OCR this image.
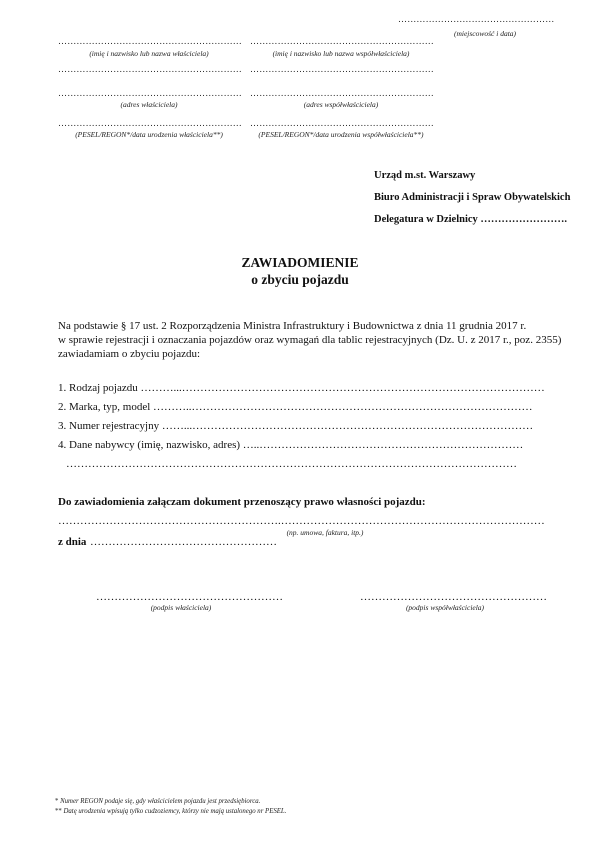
……………………………………………
(miejscowość i data)
……………………………………………………
(imię i nazwisko lub nazwa właściciela)
……………………………………………………
……………………………………………………
(adres właściciela)
……………………………………………………
(PESEL/REGON*/data urodzenia właściciela**)
……………………………………………………
(imię i nazwisko lub nazwa współwłaściciela)
……………………………………………………
……………………………………………………
(adres współwłaściciela)
……………………………………………………
(PESEL/REGON*/data urodzenia współwłaściciela**)
Urząd m.st. Warszawy
Biuro Administracji i Spraw Obywatelskich
Delegatura w Dzielnicy …………………….
ZAWIADOMIENIE
o zbyciu pojazdu
Na podstawie § 17 ust. 2 Rozporządzenia Ministra Infrastruktury i Budownictwa z dnia 11 grudnia 2017 r.
w sprawie rejestracji i oznaczania pojazdów oraz wymagań dla tablic rejestracyjnych (Dz. U. z 2017 r., poz. 2355)
zawiadamiam o zbyciu pojazdu:
1. Rodzaj pojazdu ………...………………………………………………………………………………………
2. Marka, typ, model ………..…………………………………………………………………………………
3. Numer rejestracyjny ……...…………………………………………………………………………………
4. Dane nabywcy (imię, nazwisko, adres) …..………………………………………………………………
……………………………………………………………………………………………………………
Do zawiadomienia załączam dokument przenoszący prawo własności pojazdu:
…………………………………………………….………………………………………………………………
(np. umowa, faktura, itp.)
z dnia ……………………………………………
……………………………………………
(podpis właściciela)
……………………………………………
(podpis współwłaściciela)
* Numer REGON podaje się, gdy właścicielem pojazdu jest przedsiębiorca.
** Datę urodzenia wpisują tylko cudzoziemcy, którzy nie mają ustalonego nr PESEL.
